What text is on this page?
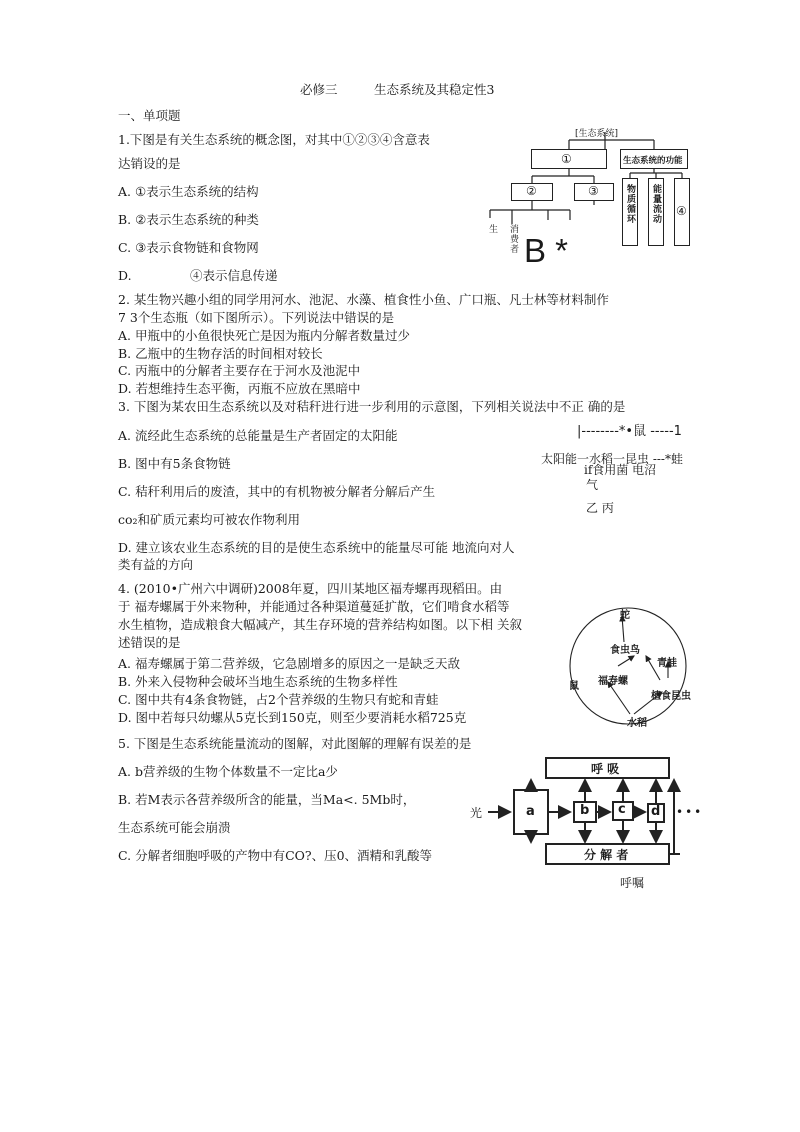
必修三	生态系统及其稳定性3
一、单项题
1.下图是有关生态系统的概念图，对其中①②③④含意表
达销设的是
A. ①表示生态系统的结构
B. ②表示生态系统的种类
C. ③表示食物链和食物网
D.	④表示信息传递
[生态系统]
①	生态系统的功能
②	③	物质循环 能量流动 ④
生 消费者 B *
2. 某生物兴趣小组的同学用河水、池泥、水藻、植食性小鱼、广口瓶、凡士林等材料制作
7 3个生态瓶（如下图所示）。下列说法中错误的是
A. 甲瓶中的小鱼很快死亡是因为瓶内分解者数量过少
B. 乙瓶中的生物存活的时间相对较长
C. 丙瓶中的分解者主要存在于河水及池泥中
D. 若想维持生态平衡，丙瓶不应放在黑暗中
3. 下图为某农田生态系统以及对秸秆进行进一步利用的示意图，下列相关说法中不正 确的是
A. 流经此生态系统的总能量是生产者固定的太阳能
B. 图中有5条食物链
C. 秸秆利用后的废渣，其中的有机物被分解者分解后产生
co₂和矿质元素均可被农作物利用
D. 建立该农业生态系统的目的是使生态系统中的能量尽可能 地流向对人
类有益的方向
|--------*•鼠 -----1
太阳能一水稻一昆虫 ---*蛙
if食用菌 电沼
气
乙 丙
4. (2010•广州六中调研)2008年夏，四川某地区福寿螺再现稻田。由
于 福寿螺属于外来物种，并能通过各种渠道蔓延扩散，它们啃食水稻等
水生植物，造成粮食大幅减产，其生存环境的营养结构如图。以下相 关叙
述错误的是
A. 福寿螺属于第二营养级，它急剧增多的原因之一是缺乏天敌
B. 外来入侵物种会破坏当地生态系统的生物多样性
C. 图中共有4条食物链，占2个营养级的生物只有蛇和青蛙
D. 图中若每只幼螺从5克长到150克，则至少要消耗水稻725克
蛇
食虫鸟
青蛙
福寿螺
鼠
植食昆虫
水稻
5. 下图是生态系统能量流动的图解，对此图解的理解有误差的是
A. b营养级的生物个体数量不一定比a少
B. 若M表示各营养级所含的能量，当Ma<. 5Mb时，
生态系统可能会崩溃
C. 分解者细胞呼吸的产物中有CO?、压0、酒精和乳酸等
光
呼 吸
a	b c d •••
分 解 者
呼嘱
